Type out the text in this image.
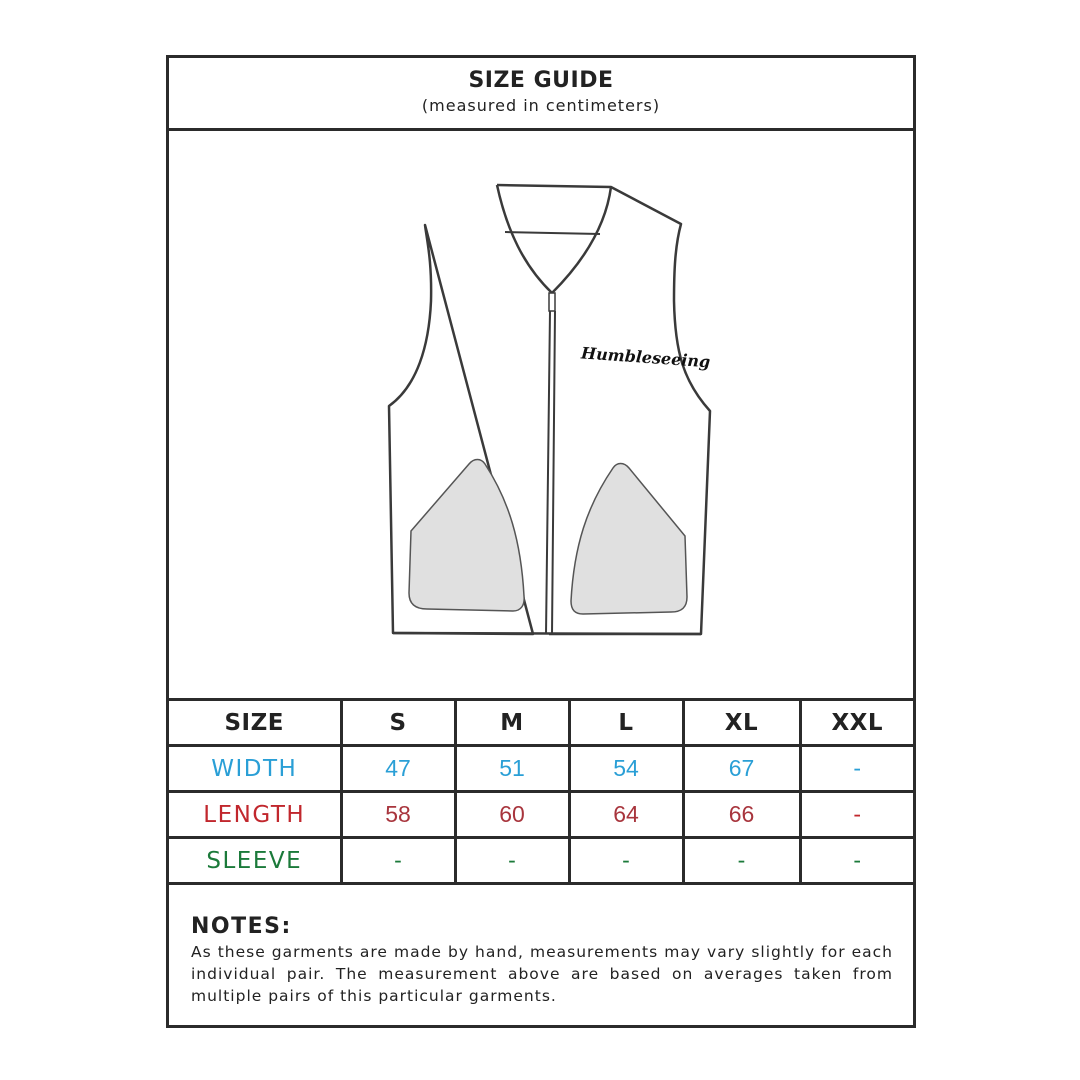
SIZE GUIDE
(measured in centimeters)
Humbleseeing
SIZE	S	M	L	XL	XXL
WIDTH	47	51	54	67	-
LENGTH	58	60	64	66	-
SLEEVE	-	-	-	-	-
NOTES:
As these garments are made by hand, measurements may vary slightly for each individual pair. The measurement above are based on averages taken from multiple pairs of this particular garments.
